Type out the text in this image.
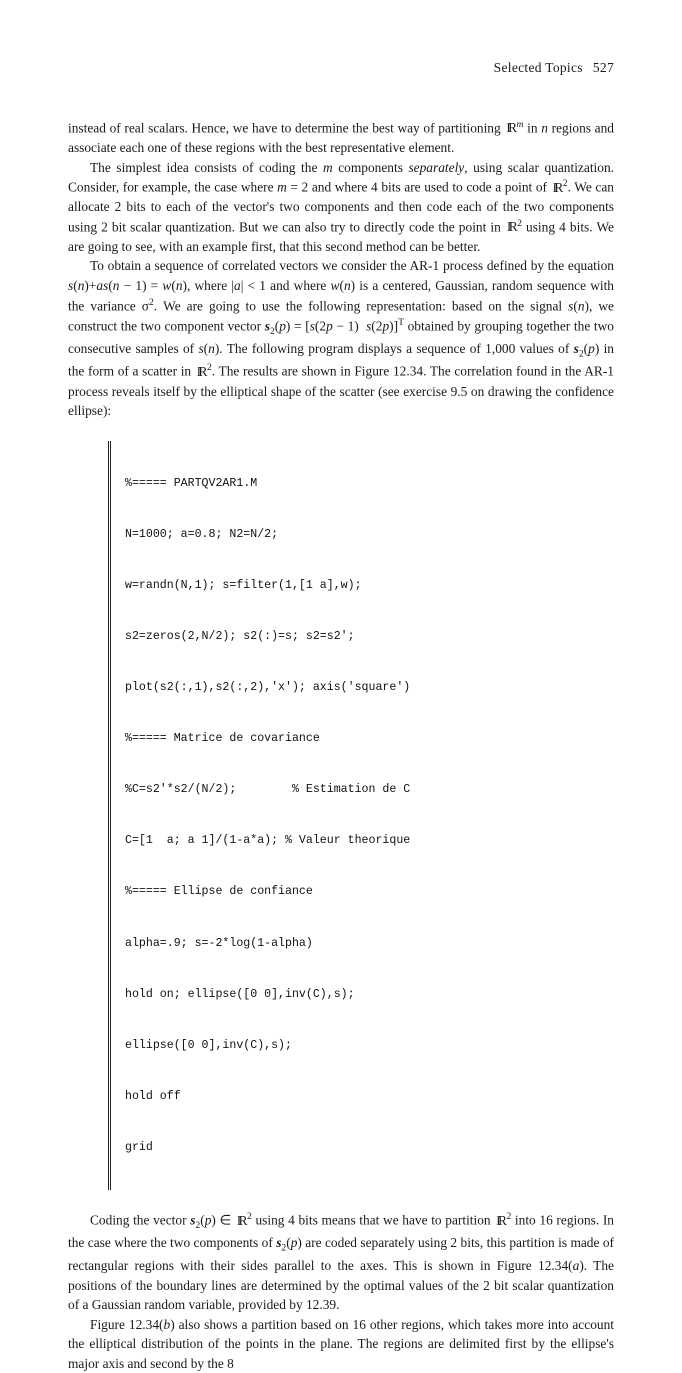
Selected Topics 527

instead of real scalars. Hence, we have to determine the best way of partitioning I $R^m$ in n regions and associate each one of these regions with the best representative element.

The simplest idea consists of coding the m components separately, using scalar quantization. Consider, for example, the case where m = 2 and where 4 bits are used to code a point of I $R^2$. We can allocate 2 bits to each of the vector's two components and then code each of the two components using 2 bit scalar quantization. But we can also try to directly code the point in I $R^2$ using 4 bits. We are going to see, with an example first, that this second method can be better.

To obtain a sequence of correlated vectors we consider the AR-1 process defined by the equation s(n)+as(n − 1) = w(n), where |a| < 1 and where w(n) is a centered, Gaussian, random sequence with the variance $\sigma^2$. We are going to use the following representation: based on the signal s(n), we construct the two component vector $s_2(p) = [s(2p - 1)$  s(2p)]$^T$ obtained by grouping together the two consecutive samples of s(n). The following program displays a sequence of 1,000 values of $s_2(p)$ in the form of a scatter in I $R^2$. The results are shown in Figure 12.34. The correlation found in the AR-1 process reveals itself by the elliptical shape of the scatter (see exercise 9.5 on drawing the confidence ellipse):

%===== PARTQV2AR1.M

N=1000; a=0.8; N2=N/2;

w=randn(N,1); s=filter(1,[1 a],w);

s2=zeros(2,N/2); s2(:)=s; s2=s2';

plot(s2(:,1),s2(:,2),'x'); axis('square')

%===== Matrice de covariance

%C=s2'*s2/(N/2);        % Estimation de C

C=[1  a; a 1]/(1-a*a); % Valeur theorique

%===== Ellipse de confiance

alpha=.9; s=-2*log(1-alpha)

hold on; ellipse([0 0],inv(C),s);

ellipse([0 0],inv(C),s);

hold off

grid

Coding the vector $s_2(p)$ ∈ I $R^2$ using 4 bits means that we have to partition I $R^2$ into 16 regions. In the case where the two components of $s_2(p)$ are coded separately using 2 bits, this partition is made of rectangular regions with their sides parallel to the axes. This is shown in Figure 12.34(a). The positions of the boundary lines are determined by the optimal values of the 2 bit scalar quantization of a Gaussian random variable, provided by 12.39.

Figure 12.34(b) also shows a partition based on 16 other regions, which takes more into account the elliptical distribution of the points in the plane. The regions are delimited first by the ellipse's major axis and second by the 8
